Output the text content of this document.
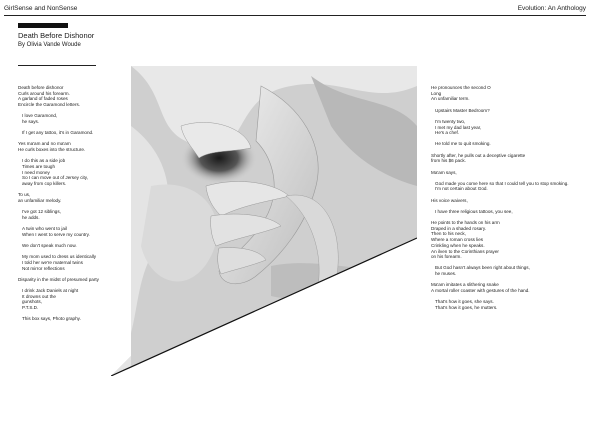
GirlSense and NonSense	Evolution: An Anthology
Death Before Dishonor
By Olivia Vande Woude
Death before dishonor
Curls around his forearm.
A garland of faded roses
Encircle the Garamond letters.
I love Garamond,
he says.
If I get any tattoo, it's in Garamond.
Yes ma'am and no ma'am
He curls boxes into the structure.
I do this as a side job
Times are tough
I need money
So I can move out of Jersey city,
away from cop killers.
To us,
an unfamiliar melody.
I've got 12 siblings,
he adds.
A twin who went to jail
When I went to serve my country.
We don't speak much now.
My mom used to dress us identically
I told her we're maternal twins
Not mirror reflections
Disparity in the midst of presumed party
I drink Jack Daniels at night
It drowns out the
gunshots,
P.T.S.D.
This box says, Photo graphy.
He pronounces the second O
Long
An unfamiliar term.
Upstairs Master Bedroom?
I'm twenty two,
I met my dad last year,
He's a chef.
He told me to quit smoking.
Shortly after, he pulls out a deceptive cigarette
from his $6 pack.
Ma'am says,
God made you come here so that I could tell you to stop smoking.
I'm not certain about God.
His voice waivers,
I have three religious tattoos, you see,
He points to the hands on his arm
Draped in a shaded rosary.
Then to his neck,
Where a roman cross lies
Crinkling when he speaks.
An ilven to the Corinthians prayer
on his forearm.
But God hasn't always been right about things,
he muses.
Ma'am imitates a slithering snake
A mortal roller coaster with gestures of the hand.
That's how it goes, she says.
That's how it goes, he mutters.
